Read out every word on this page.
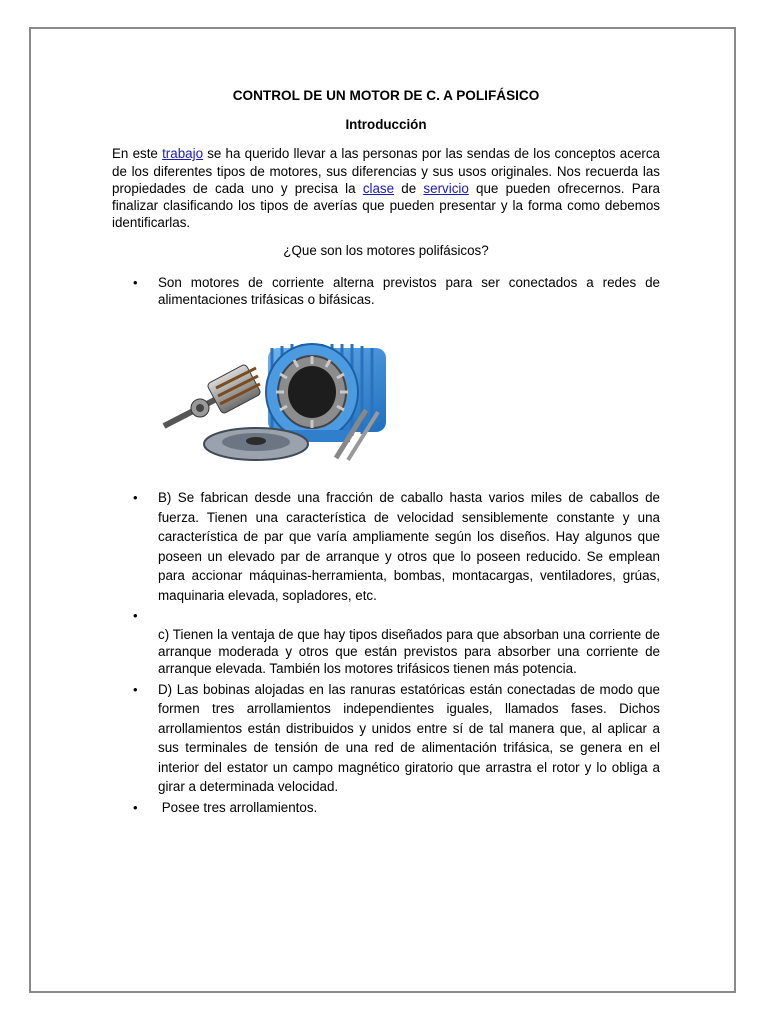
CONTROL DE UN MOTOR DE C. A POLIFÁSICO
Introducción

En este trabajo se ha querido llevar a las personas por las sendas de los conceptos acerca de los diferentes tipos de motores, sus diferencias y sus usos originales. Nos recuerda las propiedades de cada uno y precisa la clase de servicio que pueden ofrecernos. Para finalizar clasificando los tipos de averías que pueden presentar y la forma como debemos identificarlas.

¿Que son los motores polifásicos?
• Son motores de corriente alterna previstos para ser conectados a redes de alimentaciones trifásicas o bifásicas.
• B) Se fabrican desde una fracción de caballo hasta varios miles de caballos de fuerza. Tienen una característica de velocidad sensiblemente constante y una característica de par que varía ampliamente según los diseños. Hay algunos que poseen un elevado par de arranque y otros que lo poseen reducido. Se emplean para accionar máquinas-herramienta, bombas, montacargas, ventiladores, grúas, maquinaria elevada, sopladores, etc.
•
c) Tienen la ventaja de que hay tipos diseñados para que absorban una corriente de arranque moderada y otros que están previstos para absorber una corriente de arranque elevada. También los motores trifásicos tienen más potencia.
• D) Las bobinas alojadas en las ranuras estatóricas están conectadas de modo que formen tres arrollamientos independientes iguales, llamados fases. Dichos arrollamientos están distribuidos y unidos entre sí de tal manera que, al aplicar a sus terminales de tensión de una red de alimentación trifásica, se genera en el interior del estator un campo magnético giratorio que arrastra el rotor y lo obliga a girar a determinada velocidad.
• Posee tres arrollamientos.
